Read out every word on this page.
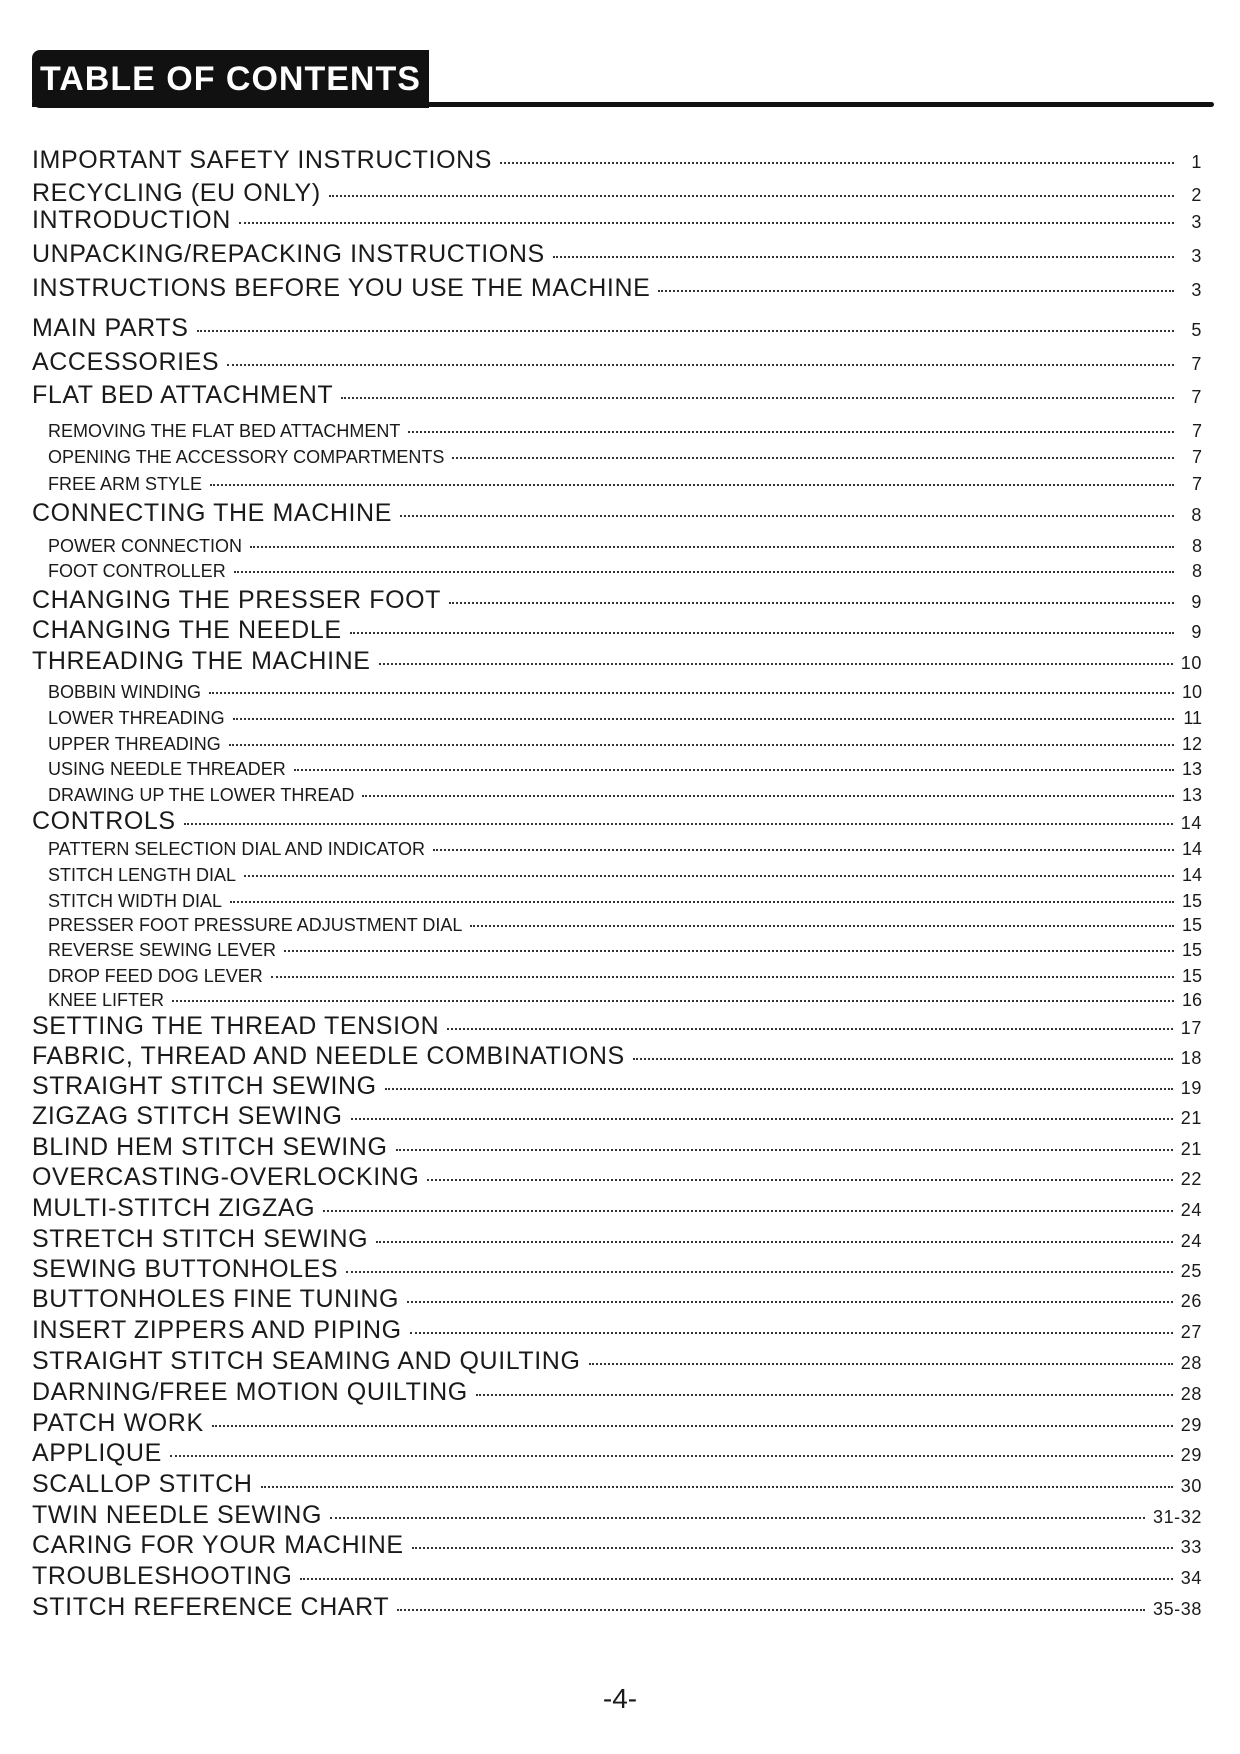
TABLE OF CONTENTS
IMPORTANT SAFETY INSTRUCTIONS	1
RECYCLING (EU ONLY)	2
INTRODUCTION	3
UNPACKING/REPACKING INSTRUCTIONS	3
INSTRUCTIONS BEFORE YOU USE THE MACHINE	3
MAIN PARTS	5
ACCESSORIES	7
FLAT BED ATTACHMENT	7
REMOVING THE FLAT BED ATTACHMENT	7
OPENING THE ACCESSORY COMPARTMENTS	7
FREE ARM STYLE	7
CONNECTING THE MACHINE	8
POWER CONNECTION	8
FOOT CONTROLLER	8
CHANGING THE PRESSER FOOT	9
CHANGING THE NEEDLE	9
THREADING THE MACHINE	10
BOBBIN WINDING	10
LOWER THREADING	11
UPPER THREADING	12
USING NEEDLE THREADER	13
DRAWING UP THE LOWER THREAD	13
CONTROLS	14
PATTERN SELECTION DIAL AND INDICATOR	14
STITCH LENGTH DIAL	14
STITCH WIDTH DIAL	15
PRESSER FOOT PRESSURE ADJUSTMENT DIAL	15
REVERSE SEWING LEVER	15
DROP FEED DOG LEVER	15
KNEE LIFTER	16
SETTING THE THREAD TENSION	17
FABRIC, THREAD AND NEEDLE COMBINATIONS	18
STRAIGHT STITCH SEWING	19
ZIGZAG STITCH SEWING	21
BLIND HEM STITCH SEWING	21
OVERCASTING-OVERLOCKING	22
MULTI-STITCH ZIGZAG	24
STRETCH STITCH SEWING	24
SEWING BUTTONHOLES	25
BUTTONHOLES FINE TUNING	26
INSERT ZIPPERS AND PIPING	27
STRAIGHT STITCH SEAMING AND QUILTING	28
DARNING/FREE MOTION QUILTING	28
PATCH WORK	29
APPLIQUE	29
SCALLOP STITCH	30
TWIN NEEDLE SEWING	31-32
CARING FOR YOUR MACHINE	33
TROUBLESHOOTING	34
STITCH REFERENCE CHART	35-38
-4-
